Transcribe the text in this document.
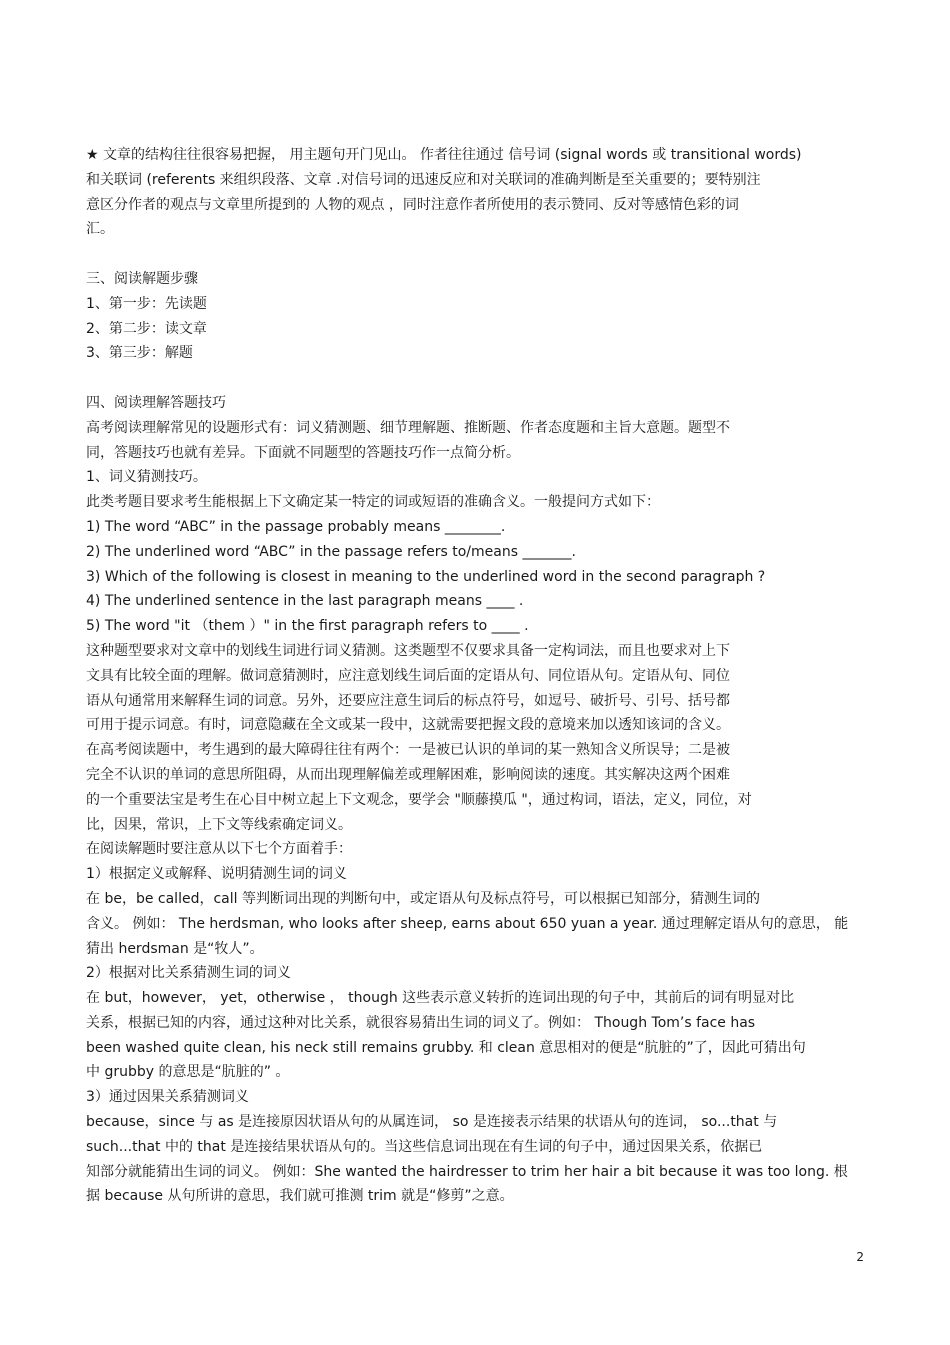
★ 文章的结构往往很容易把握， 用主题句开门见山。 作者往往通过 信号词 (signal words 或 transitional words)
和关联词 (referents 来组织段落、文章 .对信号词的迅速反应和对关联词的准确判断是至关重要的；要特别注
意区分作者的观点与文章里所提到的 人物的观点 ，同时注意作者所使用的表示赞同、反对等感情色彩的词
汇。
三、阅读解题步骤
1、第一步：先读题
2、第二步：读文章
3、第三步：解题
四、阅读理解答题技巧
高考阅读理解常见的设题形式有：词义猜测题、细节理解题、推断题、作者态度题和主旨大意题。题型不
同，答题技巧也就有差异。下面就不同题型的答题技巧作一点简分析。
1、词义猜测技巧。
此类考题目要求考生能根据上下文确定某一特定的词或短语的准确含义。一般提问方式如下：
1) The word “ABC” in the passage probably means ________.
2) The underlined word “ABC” in the passage refers to/means _______.
3) Which of the following is closest in meaning to the underlined word in the second paragraph ?
4) The underlined sentence in the last paragraph means ____ .
5) The word "it （them ）" in the first paragraph refers to ____ .
这种题型要求对文章中的划线生词进行词义猜测。这类题型不仅要求具备一定构词法，而且也要求对上下
文具有比较全面的理解。做词意猜测时，应注意划线生词后面的定语从句、同位语从句。定语从句、同位
语从句通常用来解释生词的词意。另外，还要应注意生词后的标点符号，如逗号、破折号、引号、括号都
可用于提示词意。有时，词意隐藏在全文或某一段中，这就需要把握文段的意境来加以透知该词的含义。
在高考阅读题中，考生遇到的最大障碍往往有两个：一是被已认识的单词的某一熟知含义所误导；二是被
完全不认识的单词的意思所阻碍，从而出现理解偏差或理解困难，影响阅读的速度。其实解决这两个困难
的一个重要法宝是考生在心目中树立起上下文观念，要学会 "顺藤摸瓜 "，通过构词，语法，定义，同位，对
比，因果，常识，上下文等线索确定词义。
在阅读解题时要注意从以下七个方面着手：
1）根据定义或解释、说明猜测生词的词义
在 be，be called，call 等判断词出现的判断句中，或定语从句及标点符号，可以根据已知部分，猜测生词的
含义。 例如： The herdsman, who looks after sheep, earns about 650 yuan a year. 通过理解定语从句的意思， 能
猜出 herdsman 是“牧人”。
2）根据对比关系猜测生词的词义
在 but，however， yet，otherwise ， though 这些表示意义转折的连词出现的句子中，其前后的词有明显对比
关系，根据已知的内容，通过这种对比关系，就很容易猜出生词的词义了。例如： Though Tom’s face has
been washed quite clean, his neck still remains grubby. 和 clean 意思相对的便是“肮脏的”了，因此可猜出句
中 grubby 的意思是“肮脏的” 。
3）通过因果关系猜测词义
because，since 与 as 是连接原因状语从句的从属连词， so 是连接表示结果的状语从句的连词， so...that 与
such...that 中的 that 是连接结果状语从句的。当这些信息词出现在有生词的句子中，通过因果关系，依据已
知部分就能猜出生词的词义。 例如：She wanted the hairdresser to trim her hair a bit because it was too long. 根
据 because 从句所讲的意思，我们就可推测 trim 就是“修剪”之意。
2
